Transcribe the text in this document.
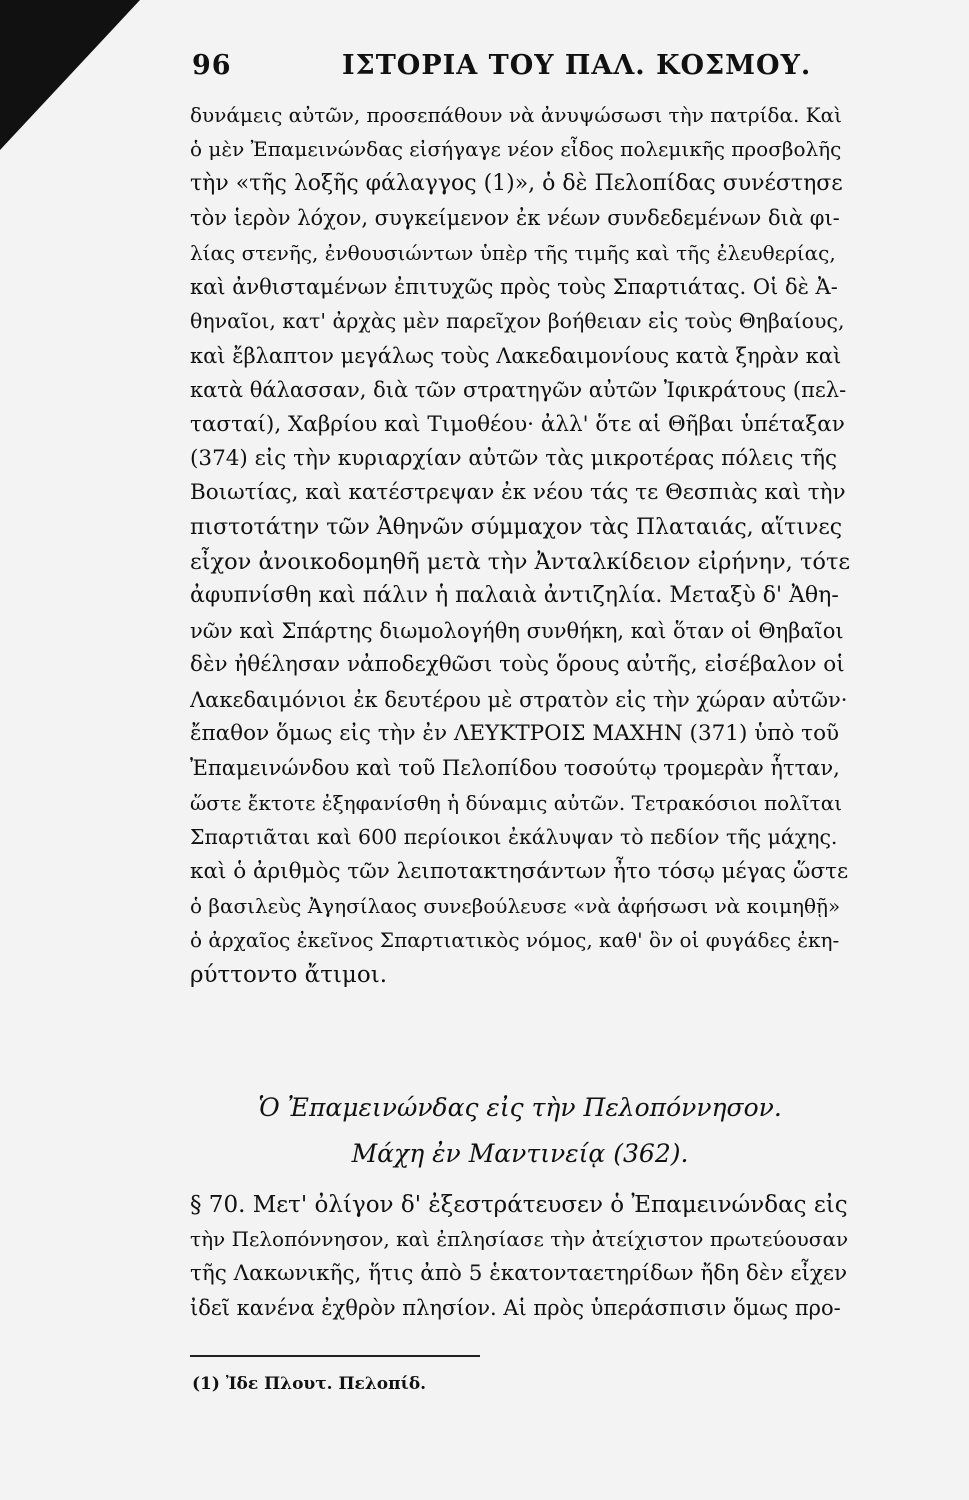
96	ΙΣΤΟΡΙΑ ΤΟΥ ΠΑΛ. ΚΟΣΜΟΥ.
δυνάμεις αὐτῶν, προσεπάθουν νὰ ἀνυψώσωσι τὴν πατρίδα. Καὶ
ὁ μὲν Ἐπαμεινώνδας εἰσήγαγε νέον εἶδος πολεμικῆς προσβολῆς
τὴν «τῆς λοξῆς φάλαγγος (1)», ὁ δὲ Πελοπίδας συνέστησε
τὸν ἱερὸν λόχον, συγκείμενον ἐκ νέων συνδεδεμένων διὰ φι-
λίας στενῆς, ἐνθουσιώντων ὑπὲρ τῆς τιμῆς καὶ τῆς ἐλευθερίας,
καὶ ἀνθισταμένων ἐπιτυχῶς πρὸς τοὺς Σπαρτιάτας. Οἱ δὲ Ἀ-
θηναῖοι, κατ' ἀρχὰς μὲν παρεῖχον βοήθειαν εἰς τοὺς Θηβαίους,
καὶ ἔβλαπτον μεγάλως τοὺς Λακεδαιμονίους κατὰ ξηρὰν καὶ
κατὰ θάλασσαν, διὰ τῶν στρατηγῶν αὐτῶν Ἰφικράτους (πελ-
τασταί), Χαβρίου καὶ Τιμοθέου· ἀλλ' ὅτε αἱ Θῆβαι ὑπέταξαν
(374) εἰς τὴν κυριαρχίαν αὐτῶν τὰς μικροτέρας πόλεις τῆς
Βοιωτίας, καὶ κατέστρεψαν ἐκ νέου τάς τε Θεσπιὰς καὶ τὴν
πιστοτάτην τῶν Ἀθηνῶν σύμμαχον τὰς Πλαταιάς, αἵτινες
εἶχον ἀνοικοδομηθῆ μετὰ τὴν Ἀνταλκίδειον εἰρήνην, τότε
ἀφυπνίσθη καὶ πάλιν ἡ παλαιὰ ἀντιζηλία. Μεταξὺ δ' Ἀθη-
νῶν καὶ Σπάρτης διωμολογήθη συνθήκη, καὶ ὅταν οἱ Θηβαῖοι
δὲν ἠθέλησαν νἀποδεχθῶσι τοὺς ὅρους αὐτῆς, εἰσέβαλον οἱ
Λακεδαιμόνιοι ἐκ δευτέρου μὲ στρατὸν εἰς τὴν χώραν αὐτῶν·
ἔπαθον ὅμως εἰς τὴν ἐν ΛΕΥΚΤΡΟΙΣ ΜΑΧΗΝ (371) ὑπὸ τοῦ
Ἐπαμεινώνδου καὶ τοῦ Πελοπίδου τοσούτῳ τρομερὰν ἧτταν,
ὥστε ἔκτοτε ἐξηφανίσθη ἡ δύναμις αὐτῶν. Τετρακόσιοι πολῖται
Σπαρτιᾶται καὶ 600 περίοικοι ἐκάλυψαν τὸ πεδίον τῆς μάχης.
καὶ ὁ ἀριθμὸς τῶν λειποτακτησάντων ἦτο τόσῳ μέγας ὥστε
ὁ βασιλεὺς Ἀγησίλαος συνεβούλευσε «νὰ ἀφήσωσι νὰ κοιμηθῇ»
ὁ ἀρχαῖος ἐκεῖνος Σπαρτιατικὸς νόμος, καθ' ὃν οἱ φυγάδες ἐκη-
ρύττοντο ἄτιμοι.
Ὁ Ἐπαμεινώνδας εἰς τὴν Πελοπόννησον.
Μάχη ἐν Μαντινείᾳ (362).
§ 70. Μετ' ὀλίγον δ' ἐξεστράτευσεν ὁ Ἐπαμεινώνδας εἰς
τὴν Πελοπόννησον, καὶ ἐπλησίασε τὴν ἀτείχιστον πρωτεύουσαν
τῆς Λακωνικῆς, ἥτις ἀπὸ 5 ἑκατονταετηρίδων ἤδη δὲν εἶχεν
ἰδεῖ κανένα ἐχθρὸν πλησίον. Αἱ πρὸς ὑπεράσπισιν ὅμως προ-
(1) Ἰδε Πλουτ. Πελοπίδ.
